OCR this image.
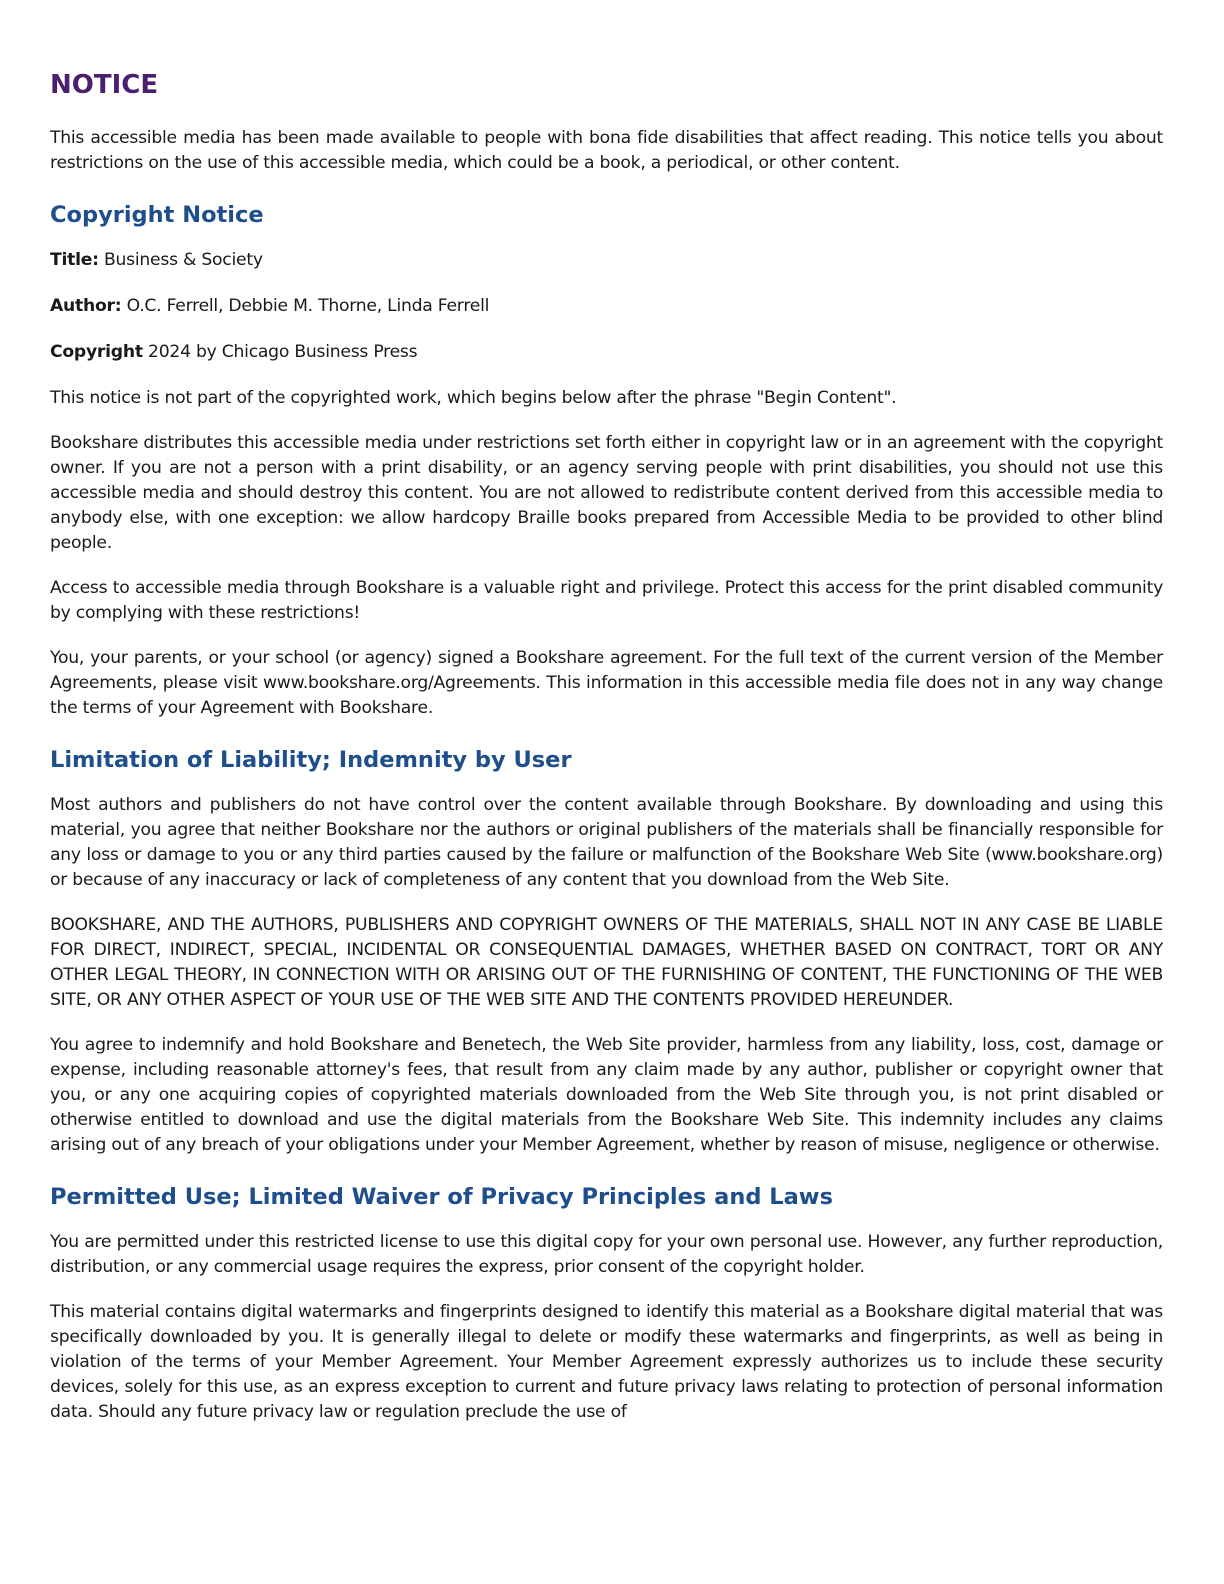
NOTICE

This accessible media has been made available to people with bona fide disabilities that affect reading. This notice tells you about restrictions on the use of this accessible media, which could be a book, a periodical, or other content.

Copyright Notice

Title: Business & Society

Author: O.C. Ferrell, Debbie M. Thorne, Linda Ferrell

Copyright 2024 by Chicago Business Press

This notice is not part of the copyrighted work, which begins below after the phrase "Begin Content".

Bookshare distributes this accessible media under restrictions set forth either in copyright law or in an agreement with the copyright owner. If you are not a person with a print disability, or an agency serving people with print disabilities, you should not use this accessible media and should destroy this content. You are not allowed to redistribute content derived from this accessible media to anybody else, with one exception: we allow hardcopy Braille books prepared from Accessible Media to be provided to other blind people.

Access to accessible media through Bookshare is a valuable right and privilege. Protect this access for the print disabled community by complying with these restrictions!

You, your parents, or your school (or agency) signed a Bookshare agreement. For the full text of the current version of the Member Agreements, please visit www.bookshare.org/Agreements. This information in this accessible media file does not in any way change the terms of your Agreement with Bookshare.

Limitation of Liability; Indemnity by User

Most authors and publishers do not have control over the content available through Bookshare. By downloading and using this material, you agree that neither Bookshare nor the authors or original publishers of the materials shall be financially responsible for any loss or damage to you or any third parties caused by the failure or malfunction of the Bookshare Web Site (www.bookshare.org) or because of any inaccuracy or lack of completeness of any content that you download from the Web Site.

BOOKSHARE, AND THE AUTHORS, PUBLISHERS AND COPYRIGHT OWNERS OF THE MATERIALS, SHALL NOT IN ANY CASE BE LIABLE FOR DIRECT, INDIRECT, SPECIAL, INCIDENTAL OR CONSEQUENTIAL DAMAGES, WHETHER BASED ON CONTRACT, TORT OR ANY OTHER LEGAL THEORY, IN CONNECTION WITH OR ARISING OUT OF THE FURNISHING OF CONTENT, THE FUNCTIONING OF THE WEB SITE, OR ANY OTHER ASPECT OF YOUR USE OF THE WEB SITE AND THE CONTENTS PROVIDED HEREUNDER.

You agree to indemnify and hold Bookshare and Benetech, the Web Site provider, harmless from any liability, loss, cost, damage or expense, including reasonable attorney's fees, that result from any claim made by any author, publisher or copyright owner that you, or any one acquiring copies of copyrighted materials downloaded from the Web Site through you, is not print disabled or otherwise entitled to download and use the digital materials from the Bookshare Web Site. This indemnity includes any claims arising out of any breach of your obligations under your Member Agreement, whether by reason of misuse, negligence or otherwise.

Permitted Use; Limited Waiver of Privacy Principles and Laws

You are permitted under this restricted license to use this digital copy for your own personal use. However, any further reproduction, distribution, or any commercial usage requires the express, prior consent of the copyright holder.

This material contains digital watermarks and fingerprints designed to identify this material as a Bookshare digital material that was specifically downloaded by you. It is generally illegal to delete or modify these watermarks and fingerprints, as well as being in violation of the terms of your Member Agreement. Your Member Agreement expressly authorizes us to include these security devices, solely for this use, as an express exception to current and future privacy laws relating to protection of personal information data. Should any future privacy law or regulation preclude the use of
